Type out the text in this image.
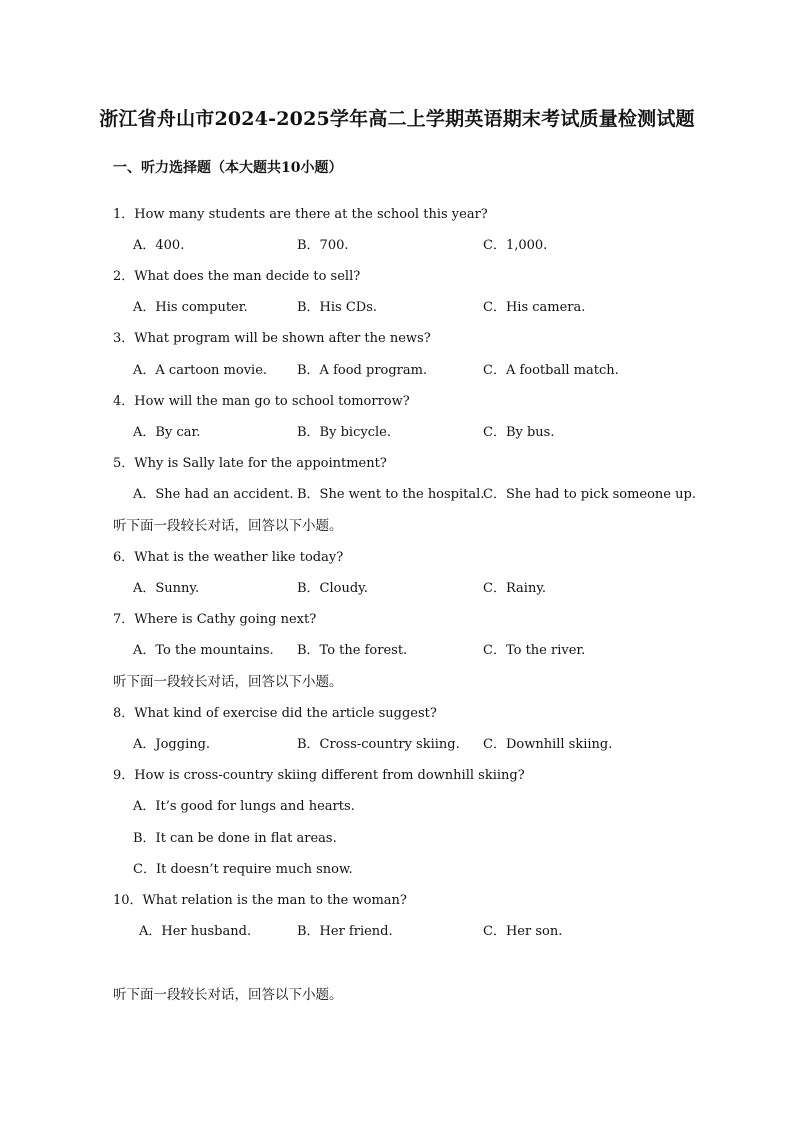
浙江省舟山市2024-2025学年高二上学期英语期末考试质量检测试题
一、听力选择题（本大题共10小题）
1．How many students are there at the school this year?
A．400.	B．700.	C．1,000.
2．What does the man decide to sell?
A．His computer.	B．His CDs.	C．His camera.
3．What program will be shown after the news?
A．A cartoon movie. B．A food program.	C．A football match.
4．How will the man go to school tomorrow?
A．By car.	B．By bicycle.	C．By bus.
5．Why is Sally late for the appointment?
A．She had an accident. B．She went to the hospital.
C．She had to pick someone up.
听下面一段较长对话，回答以下小题。
6．What is the weather like today?
A．Sunny.	B．Cloudy.	C．Rainy.
7．Where is Cathy going next?
A．To the mountains. B．To the forest.	C．To the river.
听下面一段较长对话，回答以下小题。
8．What kind of exercise did the article suggest?
A．Jogging.	B．Cross-country skiing. C．Downhill skiing.
9．How is cross-country skiing different from downhill skiing?
A．It’s good for lungs and hearts.
B．It can be done in flat areas.
C．It doesn’t require much snow.
10．What relation is the man to the woman?
A．Her husband.	B．Her friend.	C．Her son.
听下面一段较长对话，回答以下小题。
